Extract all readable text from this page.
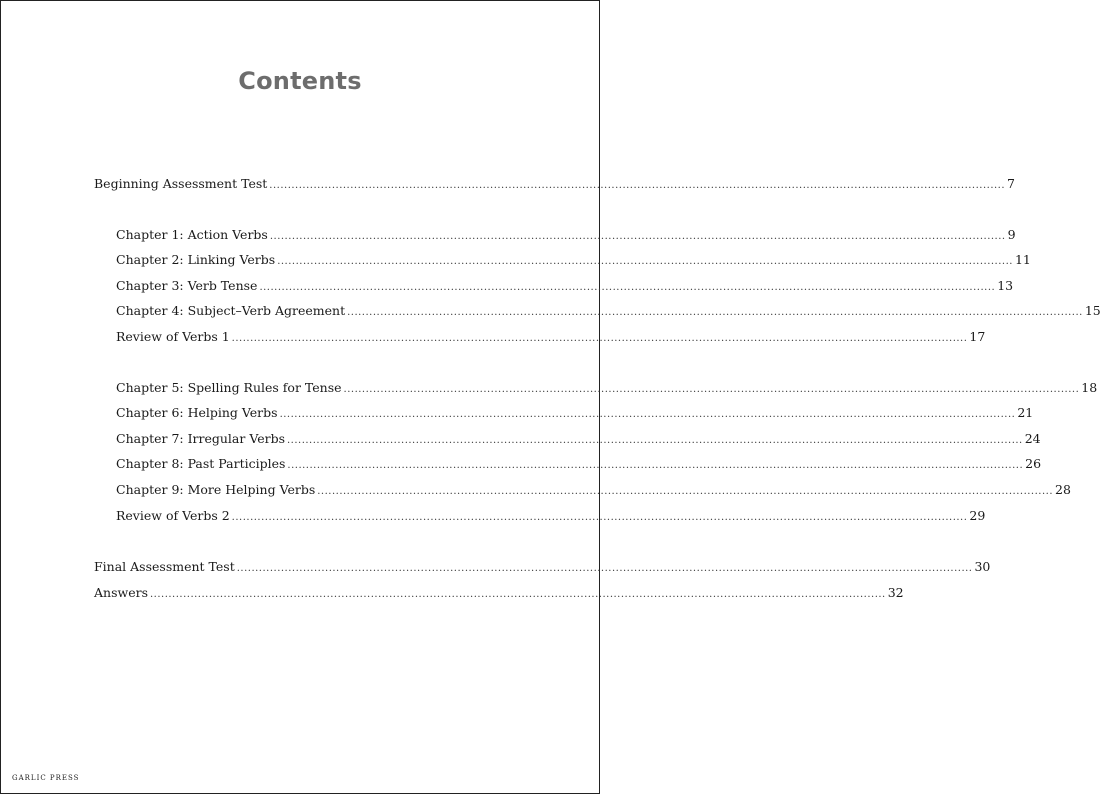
Contents
Beginning Assessment Test ........................................................................................................................................................................................................ 7
Chapter 1: Action Verbs ........................................................................................................................................................................................................ 9
Chapter 2: Linking Verbs ........................................................................................................................................................................................................ 11
Chapter 3: Verb Tense ........................................................................................................................................................................................................ 13
Chapter 4: Subject–Verb Agreement ........................................................................................................................................................................................................ 15
Review of Verbs 1 ........................................................................................................................................................................................................ 17
Chapter 5: Spelling Rules for Tense ........................................................................................................................................................................................................ 18
Chapter 6: Helping Verbs ........................................................................................................................................................................................................ 21
Chapter 7: Irregular Verbs ........................................................................................................................................................................................................ 24
Chapter 8: Past Participles ........................................................................................................................................................................................................ 26
Chapter 9: More Helping Verbs ........................................................................................................................................................................................................ 28
Review of Verbs 2 ........................................................................................................................................................................................................ 29
Final Assessment Test ........................................................................................................................................................................................................ 30
Answers ........................................................................................................................................................................................................ 32
GARLIC PRESS
